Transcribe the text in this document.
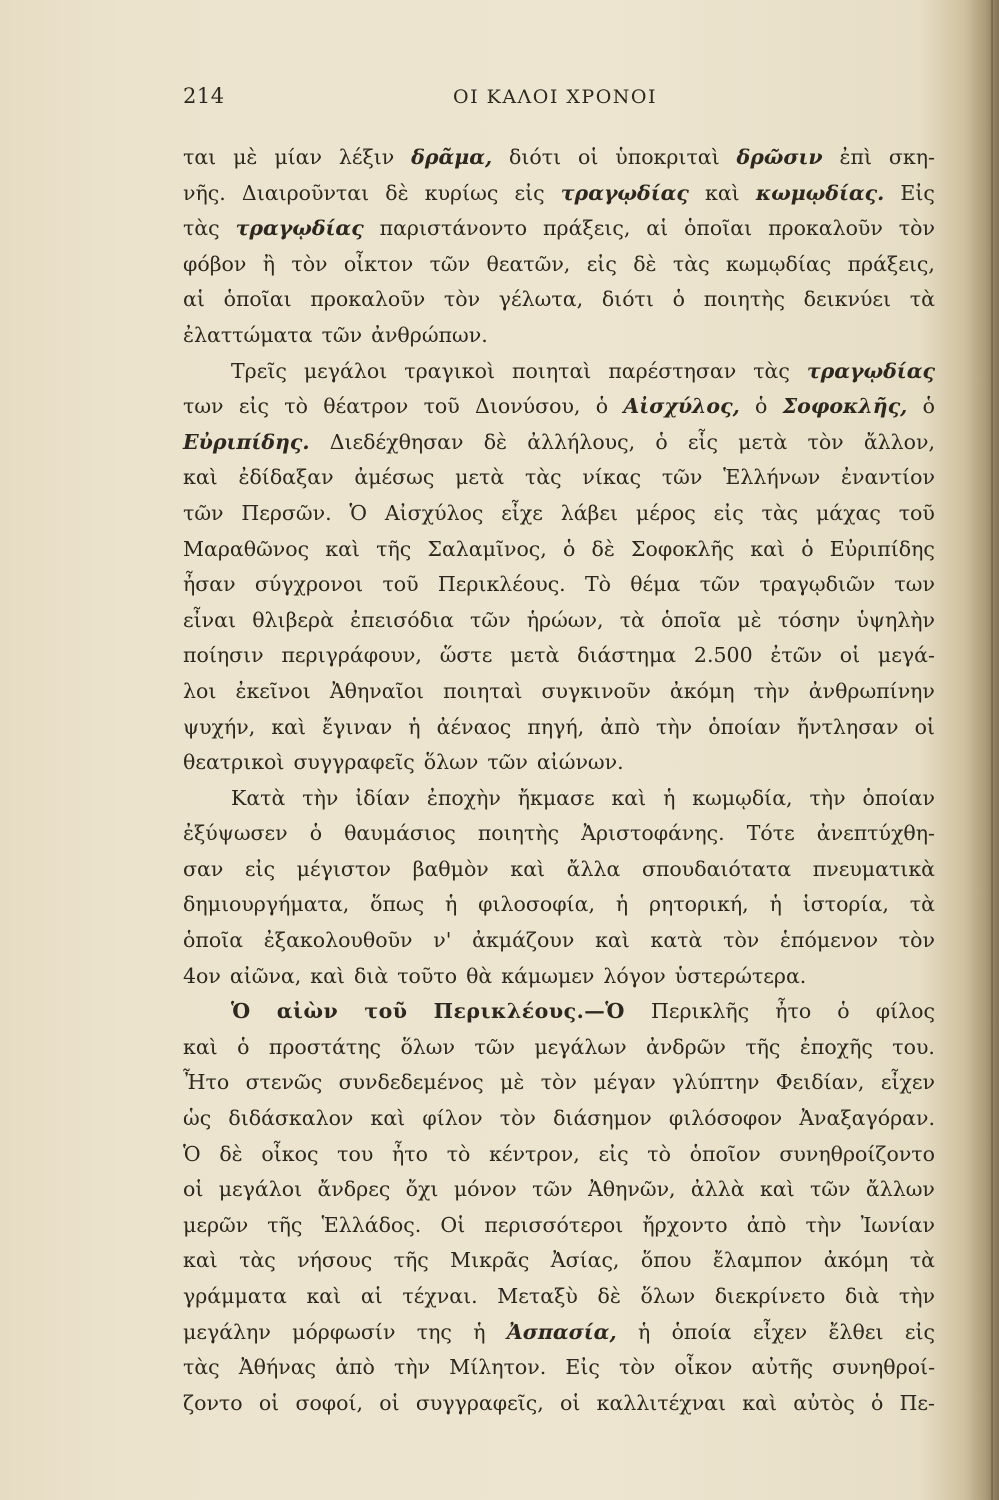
214	ΟΙ ΚΑΛΟΙ ΧΡΟΝΟΙ
ται μὲ μίαν λέξιν δρᾶμα, διότι οἱ ὑποκριταὶ δρῶσιν ἐπὶ σκη-
νῆς. Διαιροῦνται δὲ κυρίως εἰς τραγῳδίας καὶ κωμῳδίας. Εἰς
τὰς τραγῳδίας παριστάνοντο πράξεις, αἱ ὁποῖαι προκαλοῦν τὸν
φόβον ἢ τὸν οἶκτον τῶν θεατῶν, εἰς δὲ τὰς κωμῳδίας πράξεις,
αἱ ὁποῖαι προκαλοῦν τὸν γέλωτα, διότι ὁ ποιητὴς δεικνύει τὰ
ἐλαττώματα τῶν ἀνθρώπων.
Τρεῖς μεγάλοι τραγικοὶ ποιηταὶ παρέστησαν τὰς τραγῳδίας
των εἰς τὸ θέατρον τοῦ Διονύσου, ὁ Αἰσχύλος, ὁ Σοφοκλῆς, ὁ
Εὐριπίδης. Διεδέχθησαν δὲ ἀλλήλους, ὁ εἷς μετὰ τὸν ἄλλον,
καὶ ἐδίδαξαν ἀμέσως μετὰ τὰς νίκας τῶν Ἑλλήνων ἐναντίον
τῶν Περσῶν. Ὁ Αἰσχύλος εἶχε λάβει μέρος εἰς τὰς μάχας τοῦ
Μαραθῶνος καὶ τῆς Σαλαμῖνος, ὁ δὲ Σοφοκλῆς καὶ ὁ Εὐριπίδης
ἦσαν σύγχρονοι τοῦ Περικλέους. Τὸ θέμα τῶν τραγῳδιῶν των
εἶναι θλιβερὰ ἐπεισόδια τῶν ἡρώων, τὰ ὁποῖα μὲ τόσην ὑψηλὴν
ποίησιν περιγράφουν, ὥστε μετὰ διάστημα 2.500 ἐτῶν οἱ μεγά-
λοι ἐκεῖνοι Ἀθηναῖοι ποιηταὶ συγκινοῦν ἀκόμη τὴν ἀνθρωπίνην
ψυχήν, καὶ ἔγιναν ἡ ἀέναος πηγή, ἀπὸ τὴν ὁποίαν ἤντλησαν οἱ
θεατρικοὶ συγγραφεῖς ὅλων τῶν αἰώνων.
Κατὰ τὴν ἰδίαν ἐποχὴν ἤκμασε καὶ ἡ κωμῳδία, τὴν ὁποίαν
ἐξύψωσεν ὁ θαυμάσιος ποιητὴς Ἀριστοφάνης. Τότε ἀνεπτύχθη-
σαν εἰς μέγιστον βαθμὸν καὶ ἄλλα σπουδαιότατα πνευματικὰ
δημιουργήματα, ὅπως ἡ φιλοσοφία, ἡ ρητορική, ἡ ἱστορία, τὰ
ὁποῖα ἐξακολουθοῦν ν' ἀκμάζουν καὶ κατὰ τὸν ἑπόμενον τὸν
4ον αἰῶνα, καὶ διὰ τοῦτο θὰ κάμωμεν λόγον ὑστερώτερα.
Ὁ αἰὼν τοῦ Περικλέους.—Ὁ Περικλῆς ἦτο ὁ φίλος
καὶ ὁ προστάτης ὅλων τῶν μεγάλων ἀνδρῶν τῆς ἐποχῆς του.
Ἦτο στενῶς συνδεδεμένος μὲ τὸν μέγαν γλύπτην Φειδίαν, εἶχεν
ὡς διδάσκαλον καὶ φίλον τὸν διάσημον φιλόσοφον Ἀναξαγόραν.
Ὁ δὲ οἶκος του ἦτο τὸ κέντρον, εἰς τὸ ὁποῖον συνηθροίζοντο
οἱ μεγάλοι ἄνδρες ὄχι μόνον τῶν Ἀθηνῶν, ἀλλὰ καὶ τῶν ἄλλων
μερῶν τῆς Ἑλλάδος. Οἱ περισσότεροι ἤρχοντο ἀπὸ τὴν Ἰωνίαν
καὶ τὰς νήσους τῆς Μικρᾶς Ἀσίας, ὅπου ἔλαμπον ἀκόμη τὰ
γράμματα καὶ αἱ τέχναι. Μεταξὺ δὲ ὅλων διεκρίνετο διὰ τὴν
μεγάλην μόρφωσίν της ἡ Ἀσπασία, ἡ ὁποία εἶχεν ἔλθει εἰς
τὰς Ἀθήνας ἀπὸ τὴν Μίλητον. Εἰς τὸν οἶκον αὐτῆς συνηθροί-
ζοντο οἱ σοφοί, οἱ συγγραφεῖς, οἱ καλλιτέχναι καὶ αὐτὸς ὁ Πε-
